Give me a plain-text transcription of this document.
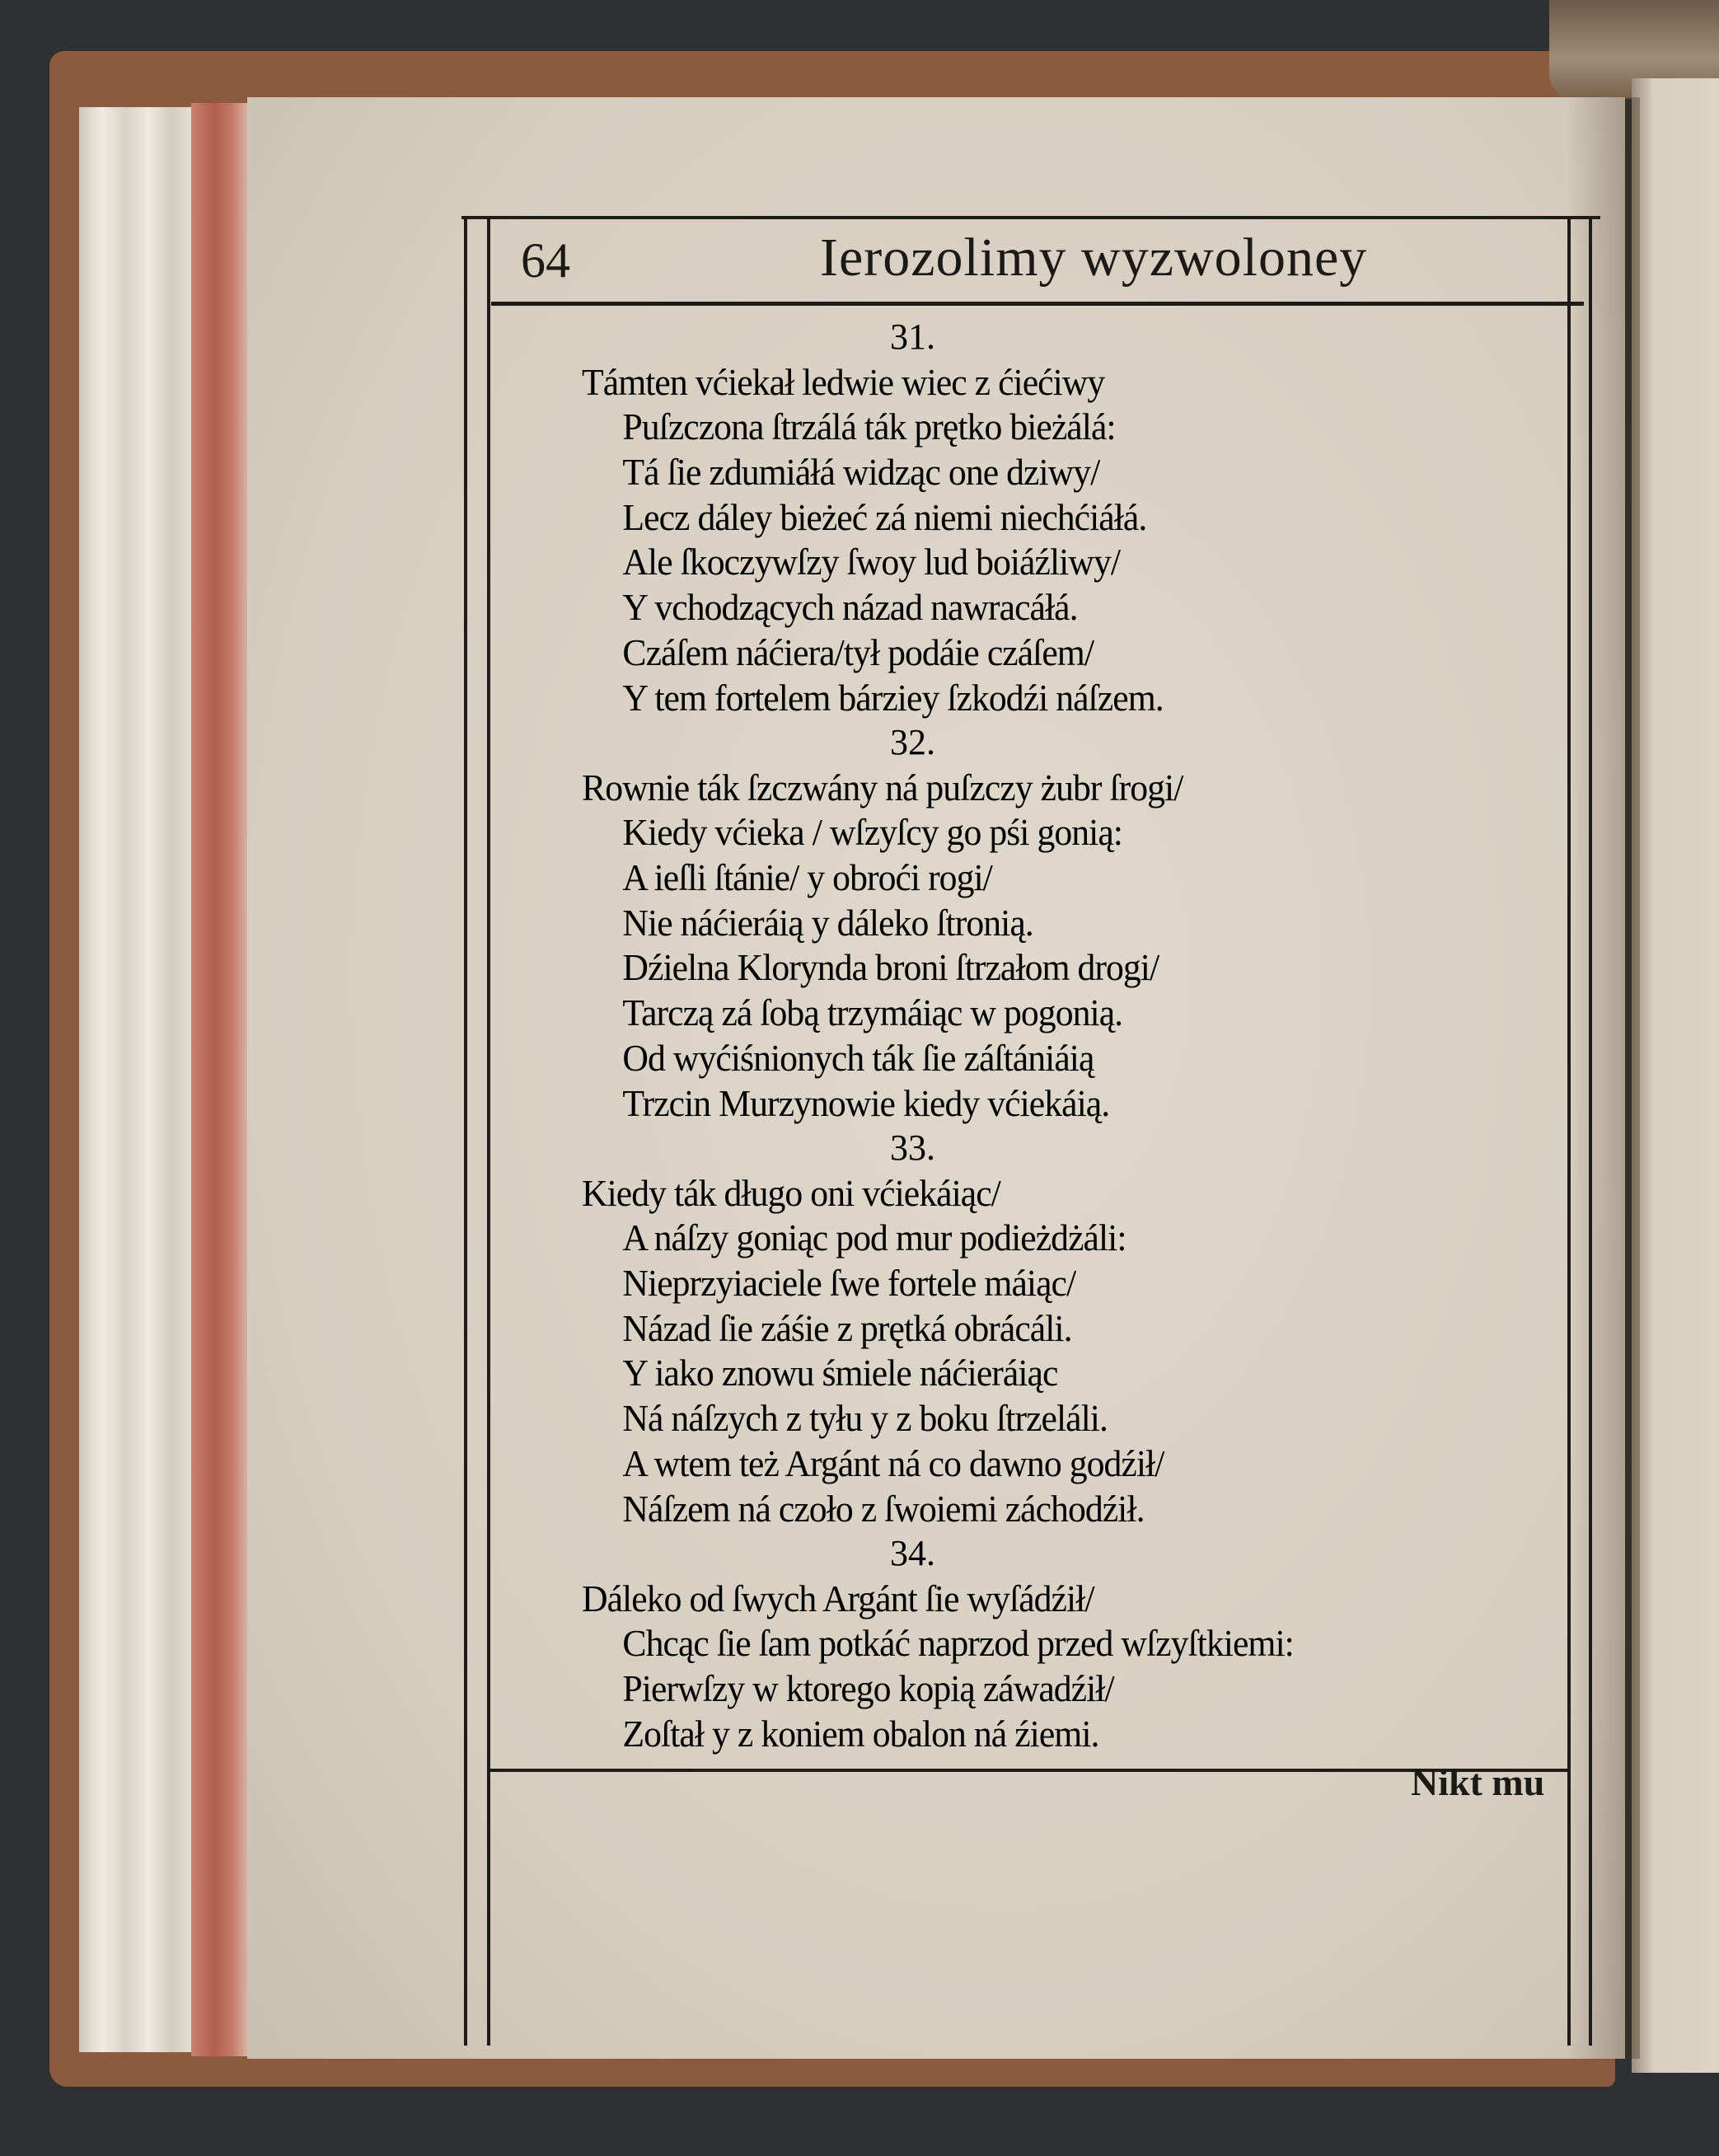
64	Ierozolimy wyzwoloney
31.
Támten vćiekał ledwie wiec z ćiećiwy
Puſzczona ſtrzálá ták prętko bieżálá:
Tá ſie zdumiáłá widząc one dziwy/
Lecz dáley bieżeć zá niemi niechćiáłá.
Ale ſkoczywſzy ſwoy lud boiáźliwy/
Y vchodzących názad nawracáłá.
Czáſem náćiera/tył podáie czáſem/
Y tem fortelem bárziey ſzkodźi náſzem.
32.
Rownie ták ſzczwány ná puſzczy żubr ſrogi/
Kiedy vćieka / wſzyſcy go pśi gonią:
A ieſli ſtánie/ y obroći rogi/
Nie náćieráią y dáleko ſtronią.
Dźielna Klorynda broni ſtrzałom drogi/
Tarczą zá ſobą trzymáiąc w pogonią.
Od wyćiśnionych ták ſie záſtániáią
Trzcin Murzynowie kiedy vćiekáią.
33.
Kiedy ták długo oni vćiekáiąc/
A náſzy goniąc pod mur podieżdżáli:
Nieprzyiaciele ſwe fortele máiąc/
Názad ſie záśie z prętká obrácáli.
Y iako znowu śmiele náćieráiąc
Ná náſzych z tyłu y z boku ſtrzeláli.
A wtem też Argánt ná co dawno godźił/
Náſzem ná czoło z ſwoiemi záchodźił.
34.
Dáleko od ſwych Argánt ſie wyſádźił/
Chcąc ſie ſam potkáć naprzod przed wſzyſtkiemi:
Pierwſzy w ktorego kopią záwadźił/
Zoſtał y z koniem obalon ná źiemi.
Nikt mu
